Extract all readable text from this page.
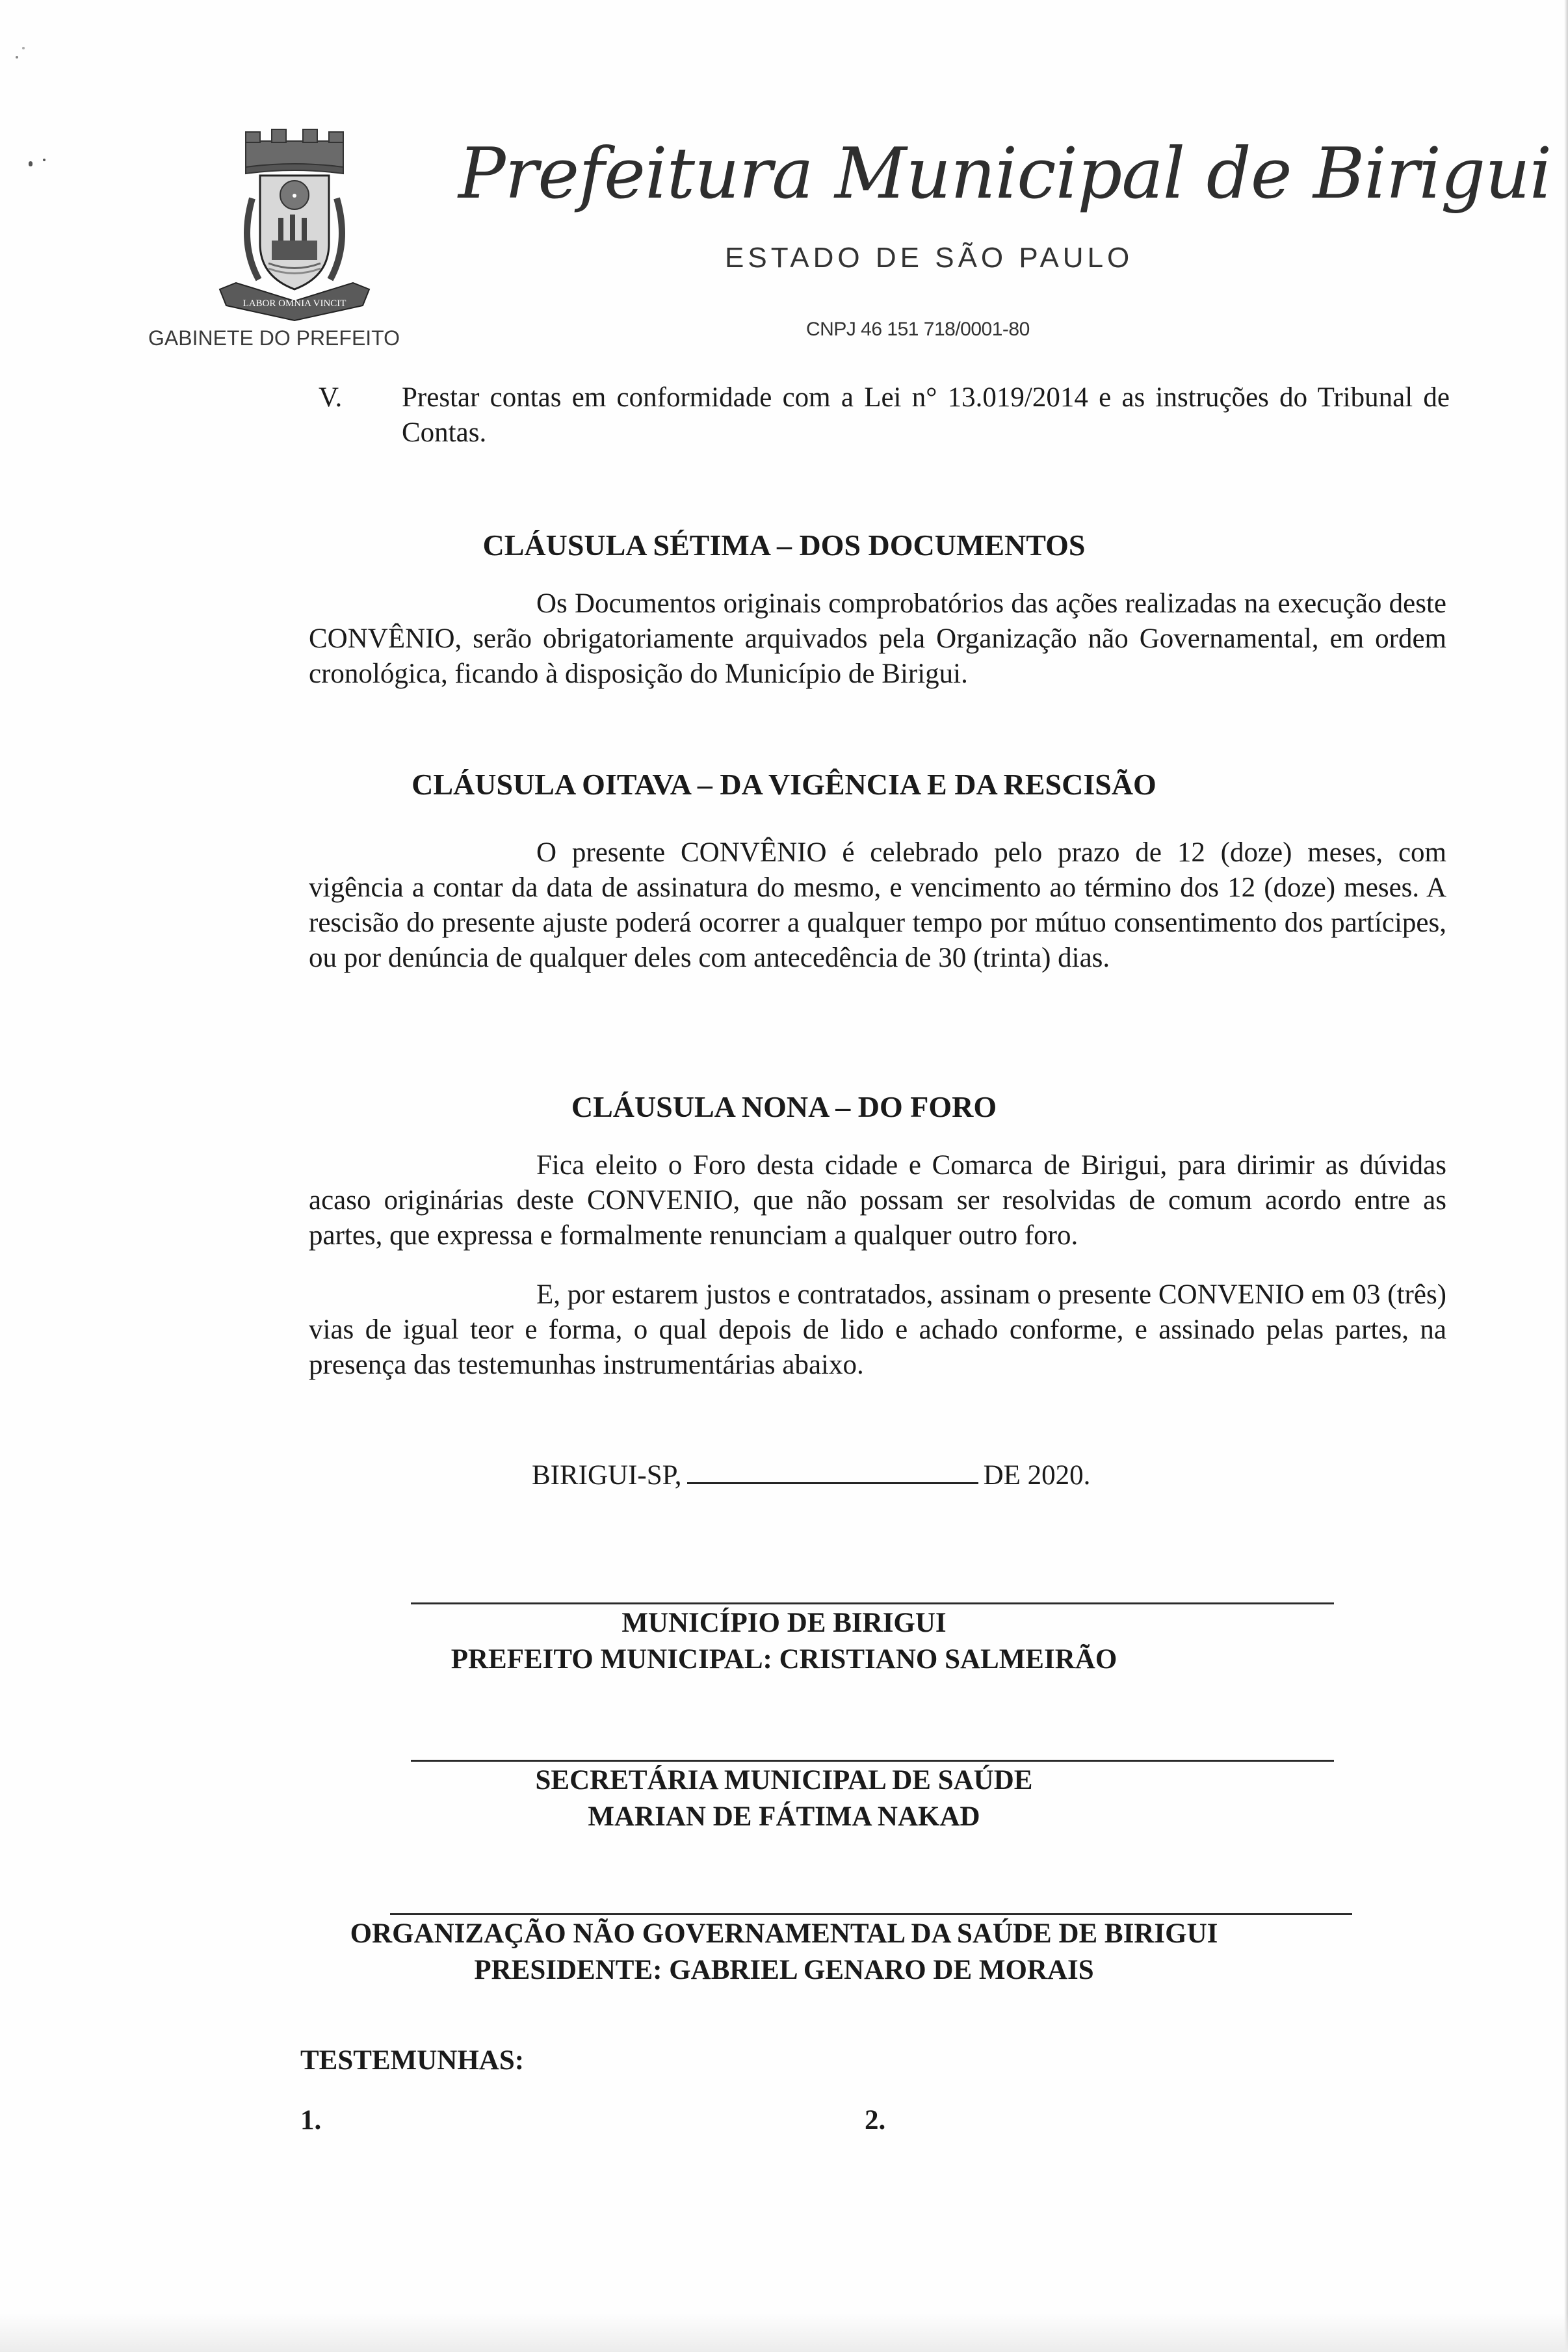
LABOR OMNIA VINCIT
GABINETE DO PREFEITO
Prefeitura Municipal de Birigui
ESTADO DE SÃO PAULO
CNPJ 46 151 718/0001-80
V. Prestar contas em conformidade com a Lei n° 13.019/2014 e as instruções do Tribunal de Contas.
CLÁUSULA SÉTIMA – DOS DOCUMENTOS
Os Documentos originais comprobatórios das ações realizadas na execução deste CONVÊNIO, serão obrigatoriamente arquivados pela Organização não Governamental, em ordem cronológica, ficando à disposição do Município de Birigui.
CLÁUSULA OITAVA – DA VIGÊNCIA E DA RESCISÃO
O presente CONVÊNIO é celebrado pelo prazo de 12 (doze) meses, com vigência a contar da data de assinatura do mesmo, e vencimento ao término dos 12 (doze) meses. A rescisão do presente ajuste poderá ocorrer a qualquer tempo por mútuo consentimento dos partícipes, ou por denúncia de qualquer deles com antecedência de 30 (trinta) dias.
CLÁUSULA NONA – DO FORO
Fica eleito o Foro desta cidade e Comarca de Birigui, para dirimir as dúvidas acaso originárias deste CONVENIO, que não possam ser resolvidas de comum acordo entre as partes, que expressa e formalmente renunciam a qualquer outro foro.
E, por estarem justos e contratados, assinam o presente CONVENIO em 03 (três) vias de igual teor e forma, o qual depois de lido e achado conforme, e assinado pelas partes, na presença das testemunhas instrumentárias abaixo.
BIRIGUI-SP,	DE 2020.
MUNICÍPIO DE BIRIGUI
PREFEITO MUNICIPAL: CRISTIANO SALMEIRÃO
SECRETÁRIA MUNICIPAL DE SAÚDE
MARIAN DE FÁTIMA NAKAD
ORGANIZAÇÃO NÃO GOVERNAMENTAL DA SAÚDE DE BIRIGUI
PRESIDENTE: GABRIEL GENARO DE MORAIS
TESTEMUNHAS:
1.	2.
